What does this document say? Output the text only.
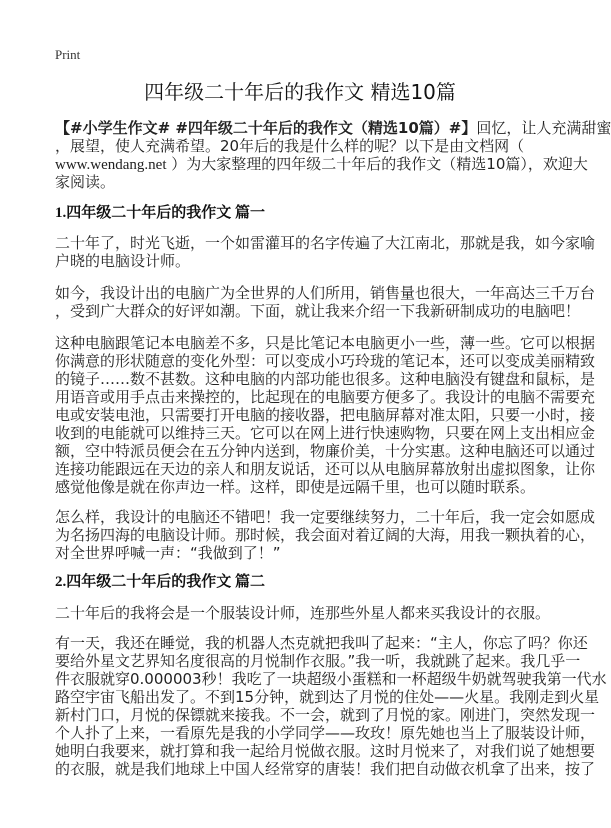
Print
四年级二十年后的我作文 精选10篇
【#小学生作文# #四年级二十年后的我作文（精选10篇）#】回忆，让人充满甜蜜
，展望，使人充满希望。20年后的我是什么样的呢？以下是由文档网（
www.wendang.net ）为大家整理的四年级二十年后的我作文（精选10篇），欢迎大
家阅读。
1.四年级二十年后的我作文 篇一
二十年了，时光飞逝，一个如雷灌耳的名字传遍了大江南北，那就是我，如今家喻
户晓的电脑设计师。
如今，我设计出的电脑广为全世界的人们所用，销售量也很大，一年高达三千万台
，受到广大群众的好评如潮。下面，就让我来介绍一下我新研制成功的电脑吧！
这种电脑跟笔记本电脑差不多，只是比笔记本电脑更小一些，薄一些。它可以根据
你满意的形状随意的变化外型：可以变成小巧玲珑的笔记本，还可以变成美丽精致
的镜子……数不甚数。这种电脑的内部功能也很多。这种电脑没有键盘和鼠标，是
用语音或用手点击来操控的，比起现在的电脑要方便多了。我设计的电脑不需要充
电或安装电池，只需要打开电脑的接收器，把电脑屏幕对准太阳，只要一小时，接
收到的电能就可以维持三天。它可以在网上进行快速购物，只要在网上支出相应金
额，空中特派员便会在五分钟内送到，物廉价美，十分实惠。这种电脑还可以通过
连接功能跟远在天边的亲人和朋友说话，还可以从电脑屏幕放射出虚拟图象，让你
感觉他像是就在你声边一样。这样，即使是远隔千里，也可以随时联系。
怎么样，我设计的电脑还不错吧！我一定要继续努力，二十年后，我一定会如愿成
为名扬四海的电脑设计师。那时候，我会面对着辽阔的大海，用我一颗执着的心，
对全世界呼喊一声：“我做到了！”
2.四年级二十年后的我作文 篇二
二十年后的我将会是一个服装设计师，连那些外星人都来买我设计的衣服。
有一天，我还在睡觉，我的机器人杰克就把我叫了起来：“主人，你忘了吗？你还
要给外星文艺界知名度很高的月悦制作衣服。”我一听，我就跳了起来。我几乎一
件衣服就穿0.000003秒！我吃了一块超级小蛋糕和一杯超级牛奶就驾驶我第一代水
路空宇宙飞船出发了。不到15分钟，就到达了月悦的住处——火星。我刚走到火星
新村门口，月悦的保镖就来接我。不一会，就到了月悦的家。刚进门，突然发现一
个人扑了上来，一看原先是我的小学同学——玫玫！原先她也当上了服装设计师，
她明白我要来，就打算和我一起给月悦做衣服。这时月悦来了，对我们说了她想要
的衣服，就是我们地球上中国人经常穿的唐装！我们把自动做衣机拿了出来，按了
